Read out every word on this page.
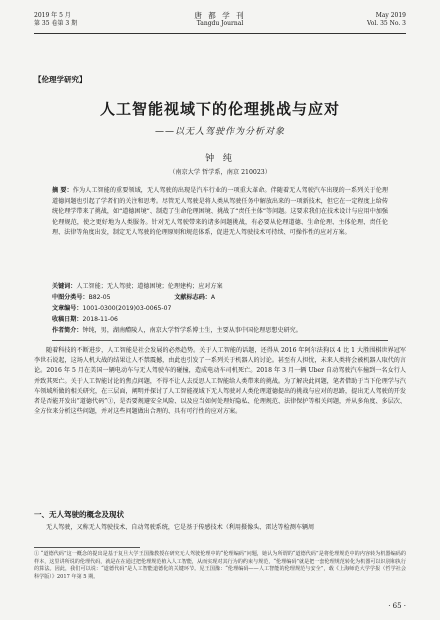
2019 年 5 月
第 35 卷第 3 期
唐 都 学 刊
Tangdu Journal
May 2019
Vol. 35 No. 3
【伦理学研究】
人工智能视域下的伦理挑战与应对
——以无人驾驶作为分析对象
钟 纯
（南京大学 哲学系，南京 210023）
摘 要：作为人工智能的重要领域，无人驾驶的出现是汽车行业的一项重大革命。伴随着无人驾驶汽车出现的一系列关于伦理道德问题也引起了学者们的关注和思考。尽管无人驾驶是将人类从驾驶任务中解放出来的一项新技术，但它在一定程度上给传统伦理学带来了挑战，如“道德困境”、制造了生命伦理困境、挑战了“责任主体”等问题。这要求我们在技术设计与应用中加强伦理规范，使之更好地为人类服务。针对无人驾驶带来的诸多问题挑战，有必要从伦理道德、生命伦理、主体伦理、责任伦理、法律等角度出发，制定无人驾驶的伦理原则和规范体系，促进无人驾驶技术可持续、可操作性的应对方案。
关键词：人工智能；无人驾驶；道德困境；伦理建构；应对方案
中图分类号：B82-05	文献标志码：A
文章编号：1001-0300(2019)03-0065-07
收稿日期：2018-11-06
作者简介：钟纯，男，湖南醴陵人，南京大学哲学系博士生，主要从事中国伦理思想史研究。
随着科技的不断进步，人工智能是社会发展的必然趋势。关于人工智能的话题，还得从 2016 年阿尔法狗以 4 比 1 大胜围棋世界冠军李世石说起，这场人机大战的结果让人不禁震撼，由此也引发了一系列关于机器人的讨论。甚至有人担忧，未来人类将会被机器人取代的言论。2016 年 5 月在美国一辆电动车与无人驾驶车的碰撞，造成电动车司机死亡。2018 年 3 月一辆 Uber 自动驾驶汽车撞到一名女行人并致其死亡。关于人工智能讨论的焦点问题，不得不让人去反思人工智能给人类带来的挑战。为了解决此问题，笔者借助于当下伦理学与汽车领域所做的相关研究，在三层面，阐明并探讨了人工智能视域下无人驾驶对人类伦理道德提出的挑战与应对的思路，提出无人驾驶的开发者是否能开发出“道德代码”①，是否要规避安全风险、以及应当如何处理好隐私、伦理规范、法律保护等相关问题，并从多角度、多层次、全方位来分析这些问题，并对这些问题做出合理的、具有可行性的应对方案。
一、无人驾驶的概念及现状
无人驾驶，又称无人驾驶技术、自动驾驶系统，它是基于传感技术（利用摄像头、雷达等检测车辆周
① “道德代码”这一概念的提出是基于复旦大学王国豫教授在研究无人驾驶伦理中的“伦理编码”问题，她认为所谓的“道德代码”是将伦理规范中的内容转为机器编码的样本，这里讲所说的伦理代码，就是在在通过把伦理规范植入人工智能，从而实现对其行为的约束与规范，“伦理编码”就是把一套伦理规范转化为机器可以识别和执行的算法。因此，我们可以说：“道德代码”是人工智能道德化的关键环节。见王国豫：“伦理编码——人工智能的伦理规范与安全”，载《上海师范大学学报（哲学社会科学版）》2017 年第 5 期。
· 65 ·
